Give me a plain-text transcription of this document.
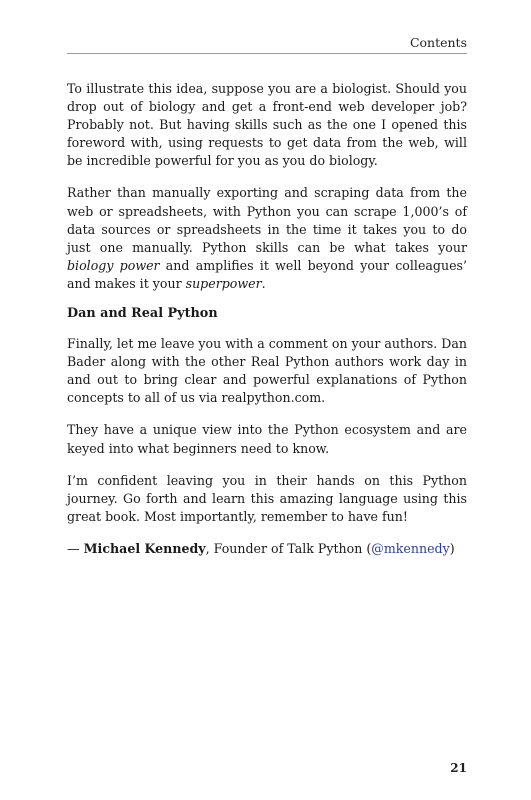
Contents

To illustrate this idea, suppose you are a biologist. Should you drop out of biology and get a front-end web developer job? Probably not. But having skills such as the one I opened this foreword with, using requests to get data from the web, will be incredible powerful for you as you do biology.

Rather than manually exporting and scraping data from the web or spreadsheets, with Python you can scrape 1,000’s of data sources or spreadsheets in the time it takes you to do just one manually. Python skills can be what takes your biology power and amplifies it well beyond your colleagues’ and makes it your superpower.

Dan and Real Python

Finally, let me leave you with a comment on your authors. Dan Bader along with the other Real Python authors work day in and out to bring clear and powerful explanations of Python concepts to all of us via realpython.com.

They have a unique view into the Python ecosystem and are keyed into what beginners need to know.

I’m confident leaving you in their hands on this Python journey. Go forth and learn this amazing language using this great book. Most importantly, remember to have fun!

— Michael Kennedy, Founder of Talk Python (@mkennedy)

21
